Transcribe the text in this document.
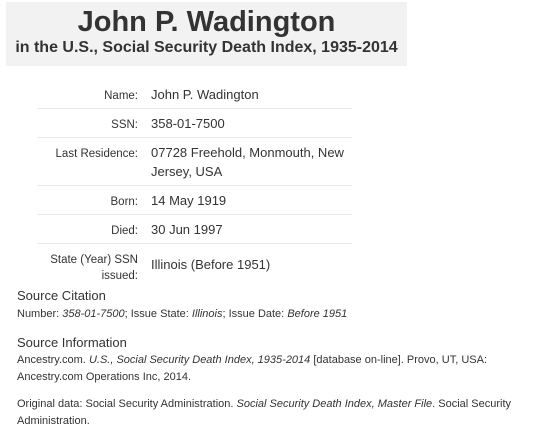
John P. Wadington
in the U.S., Social Security Death Index, 1935-2014
Name: John P. Wadington
SSN: 358-01-7500
Last Residence: 07728 Freehold, Monmouth, New Jersey, USA
Born: 14 May 1919
Died: 30 Jun 1997
State (Year) SSN issued:
Illinois (Before 1951)
Source Citation
Number: 358-01-7500; Issue State: Illinois; Issue Date: Before 1951
Source Information
Ancestry.com. U.S., Social Security Death Index, 1935-2014 [database on-line]. Provo, UT, USA: Ancestry.com Operations Inc, 2014.
Original data: Social Security Administration. Social Security Death Index, Master File. Social Security Administration.
